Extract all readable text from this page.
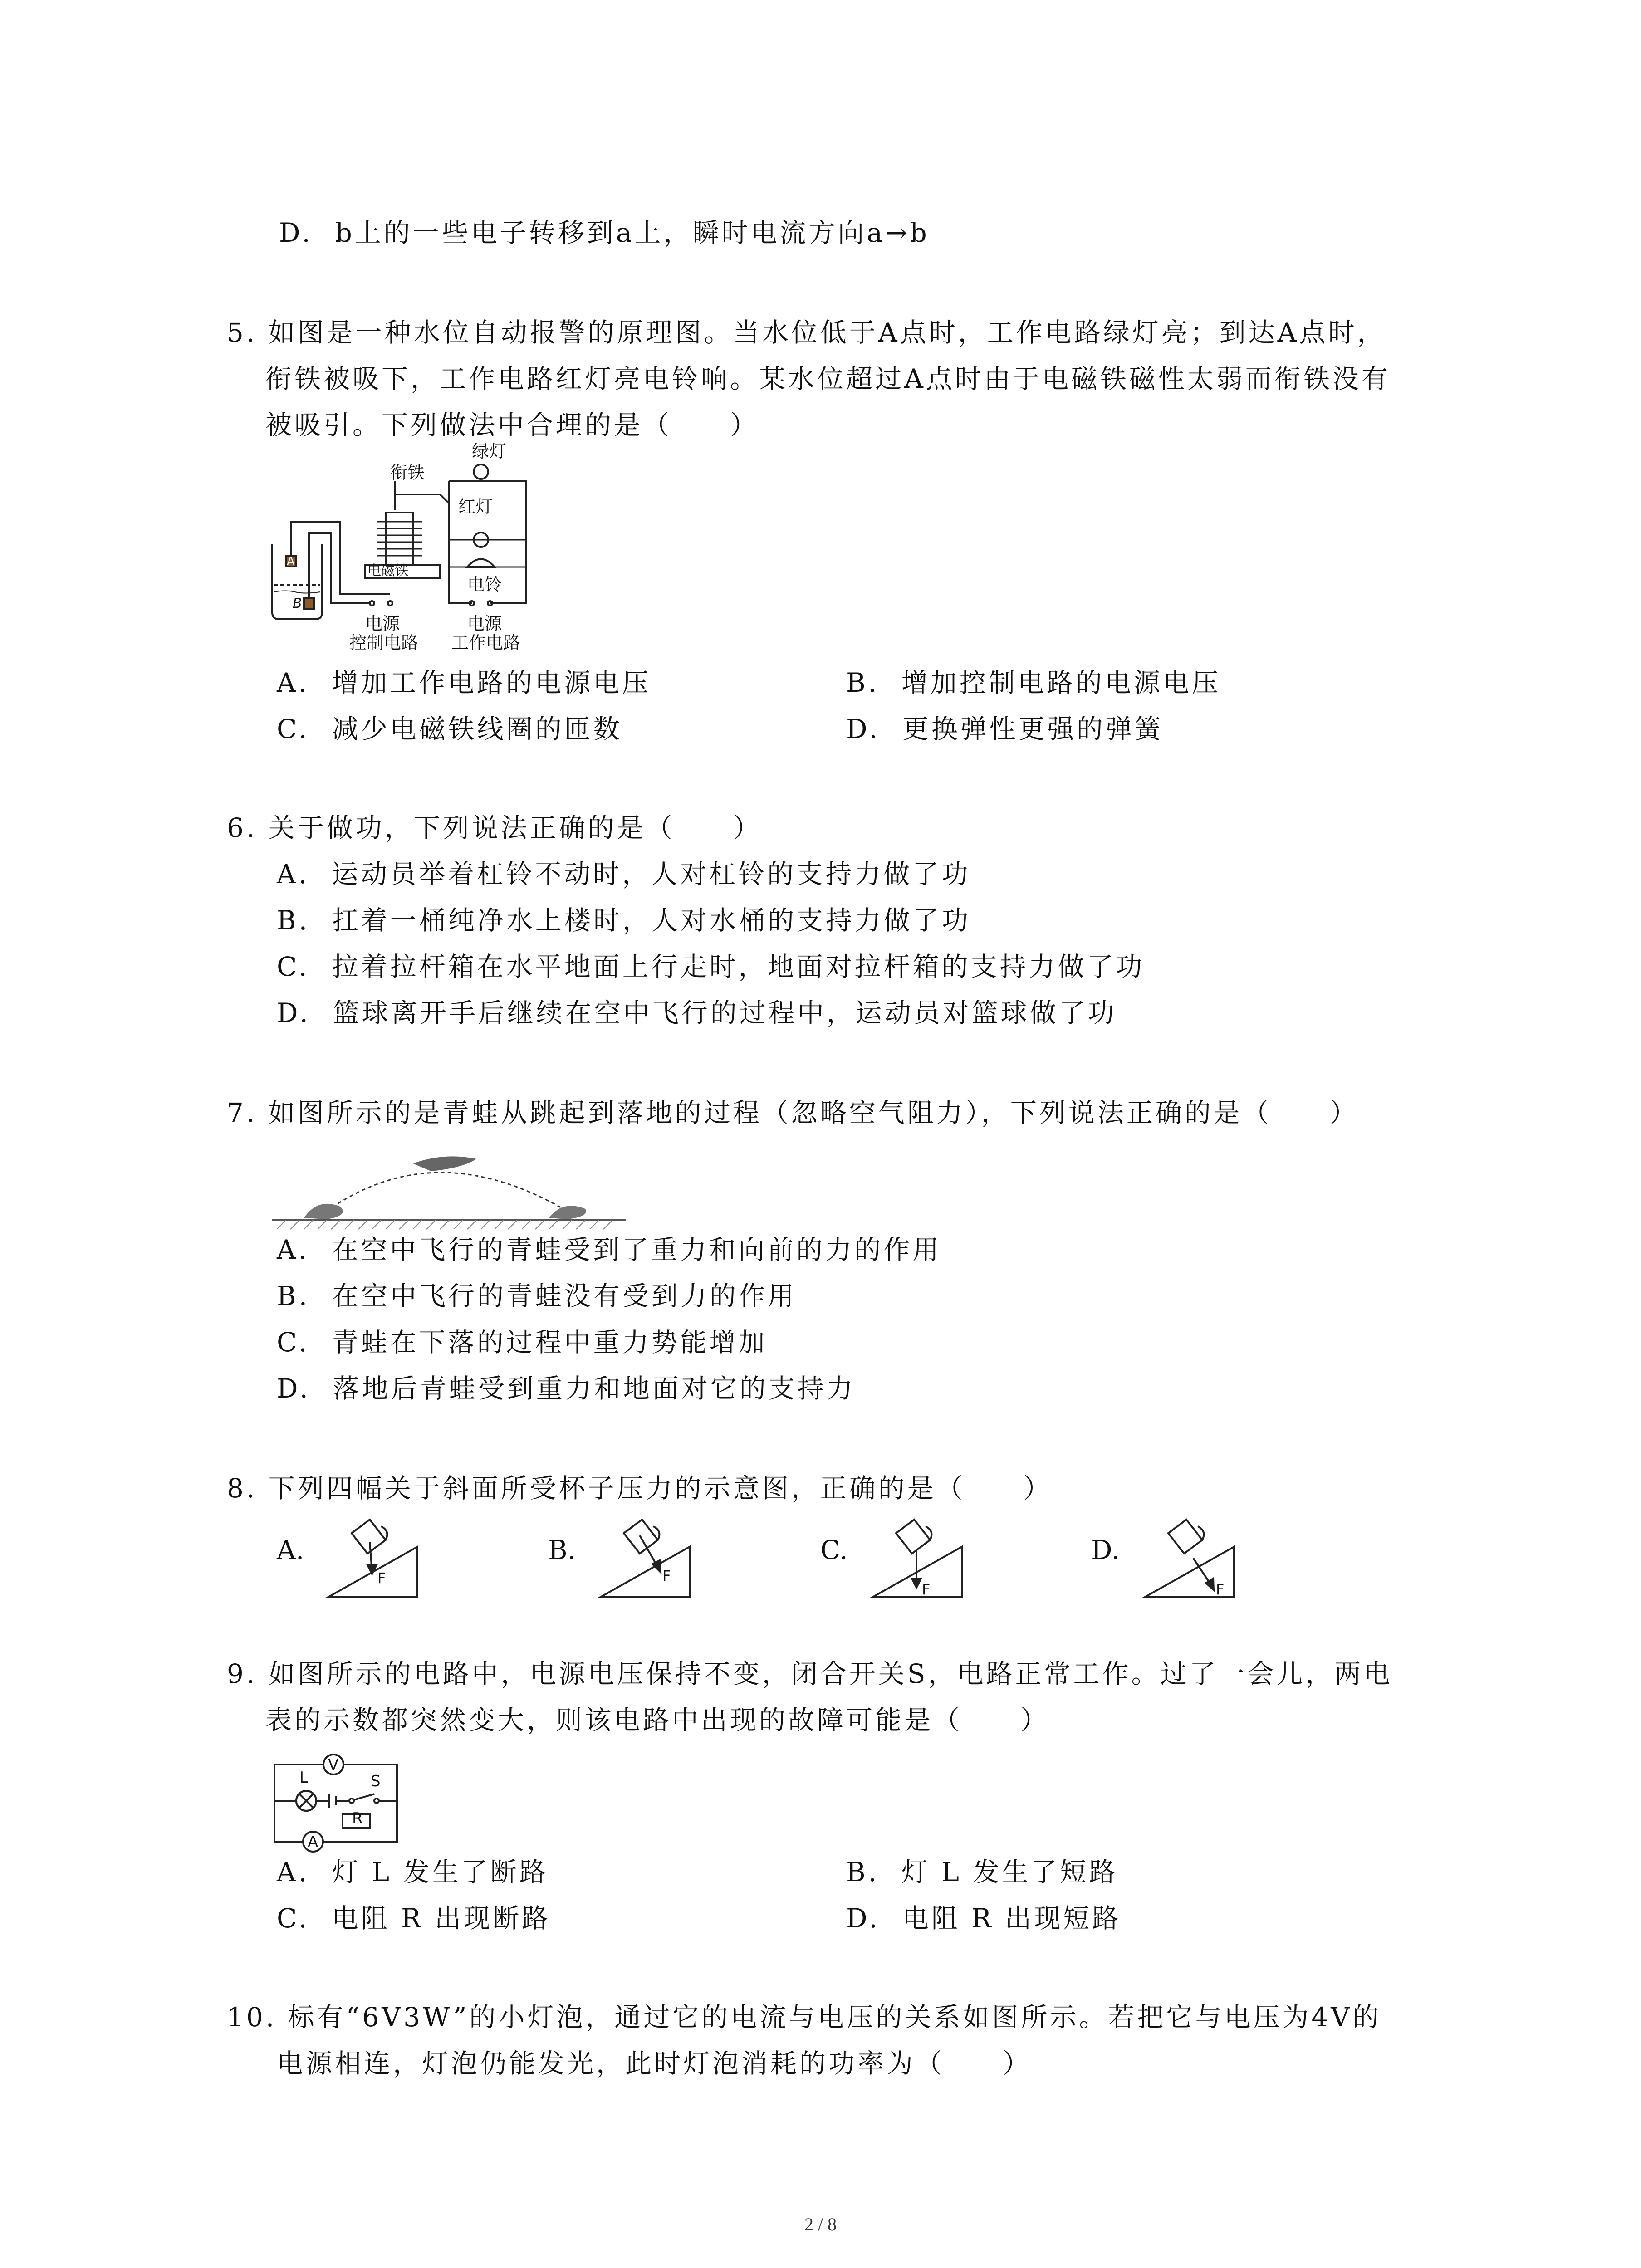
D.  b上的一些电子转移到a上，瞬时电流方向a→b
5. 如图是一种水位自动报警的原理图。当水位低于A点时，工作电路绿灯亮；到达A点时，
衔铁被吸下，工作电路红灯亮电铃响。某水位超过A点时由于电磁铁磁性太弱而衔铁没有
被吸引。下列做法中合理的是（　　）
绿灯
衔铁
红灯
电磁铁
电铃
电源
控制电路
电源
工作电路
A
B
A.  增加工作电路的电源电压	B.  增加控制电路的电源电压
C.  减少电磁铁线圈的匝数	D.  更换弹性更强的弹簧
6. 关于做功，下列说法正确的是（　　）
A.  运动员举着杠铃不动时，人对杠铃的支持力做了功
B.  扛着一桶纯净水上楼时，人对水桶的支持力做了功
C.  拉着拉杆箱在水平地面上行走时，地面对拉杆箱的支持力做了功
D.  篮球离开手后继续在空中飞行的过程中，运动员对篮球做了功
7. 如图所示的是青蛙从跳起到落地的过程（忽略空气阻力），下列说法正确的是（　　）
A.  在空中飞行的青蛙受到了重力和向前的力的作用
B.  在空中飞行的青蛙没有受到力的作用
C.  青蛙在下落的过程中重力势能增加
D.  落地后青蛙受到重力和地面对它的支持力
8. 下列四幅关于斜面所受杯子压力的示意图，正确的是（　　）
A.	B.	C.	D.
F	F
F	F
9. 如图所示的电路中，电源电压保持不变，闭合开关S，电路正常工作。过了一会儿，两电
表的示数都突然变大，则该电路中出现的故障可能是（　　）
L
V
S
R
A
A.  灯 L 发生了断路	B.  灯 L 发生了短路
C.  电阻 R 出现断路	D.  电阻 R 出现短路
10. 标有“6V3W”的小灯泡，通过它的电流与电压的关系如图所示。若把它与电压为4V的
电源相连，灯泡仍能发光，此时灯泡消耗的功率为（　　）
2 / 8
